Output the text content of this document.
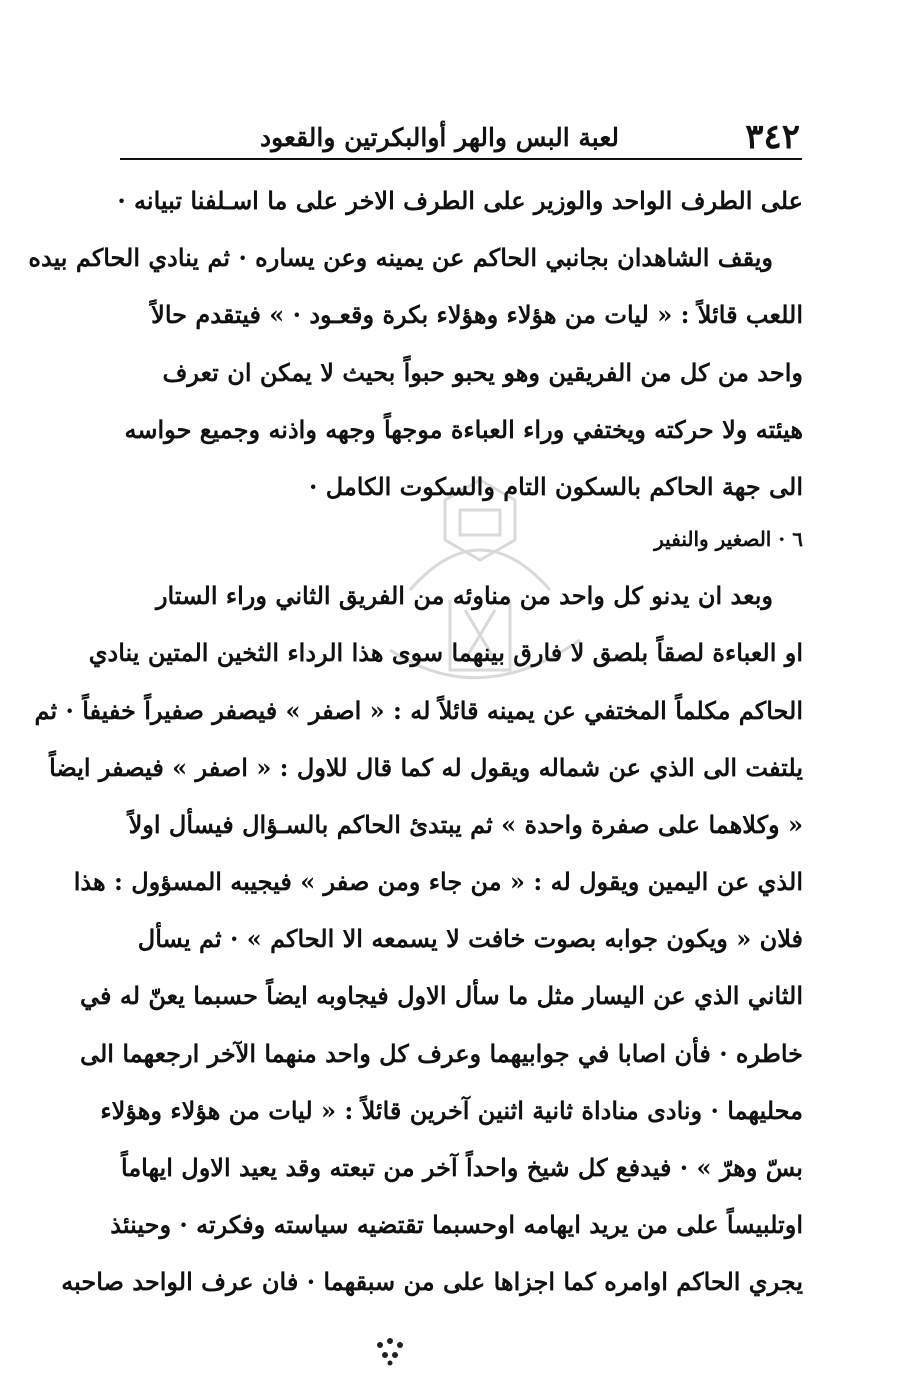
٣٤٢
لعبة البس والهر أوالبكرتين والقعود
على الطرف الواحد والوزير على الطرف الاخر على ما اسـلفنا تبيانه ·
ويقف الشاهدان بجانبي الحاكم عن يمينه وعن يساره · ثم ينادي الحاكم بيده
اللعب قائلاً : « ليات من هؤلاء وهؤلاء بكرة وقعـود · » فيتقدم حالاً
واحد من كل من الفريقين وهو يحبو حبواً بحيث لا يمكن ان تعرف
هيئته ولا حركته ويختفي وراء العباءة موجهاً وجهه واذنه وجميع حواسه
الى جهة الحاكم بالسكون التام والسكوت الكامل ·
٦ · الصغير والنفير
وبعد ان يدنو كل واحد من مناوئه من الفريق الثاني وراء الستار
او العباءة لصقاً بلصق لا فارق بينهما سوى هذا الرداء الثخين المتين ينادي
الحاكم مكلماً المختفي عن يمينه قائلاً له : « اصفر » فيصفر صفيراً خفيفاً · ثم
يلتفت الى الذي عن شماله ويقول له كما قال للاول : « اصفر » فيصفر ايضاً
« وكلاهما على صفرة واحدة » ثم يبتدئ الحاكم بالسـؤال فيسأل اولاً
الذي عن اليمين ويقول له : « من جاء ومن صفر » فيجيبه المسؤول : هذا
فلان « ويكون جوابه بصوت خافت لا يسمعه الا الحاكم » · ثم يسأل
الثاني الذي عن اليسار مثل ما سأل الاول فيجاوبه ايضاً حسبما يعنّ له في
خاطره · فأن اصابا في جوابيهما وعرف كل واحد منهما الآخر ارجعهما الى
محليهما · ونادى مناداة ثانية اثنين آخرين قائلاً : « ليات من هؤلاء وهؤلاء
بسّ وهرّ » · فيدفع كل شيخ واحداً آخر من تبعته وقد يعيد الاول ايهاماً
اوتلبيساً على من يريد ايهامه اوحسبما تقتضيه سياسته وفكرته · وحينئذ
يجري الحاكم اوامره كما اجزاها على من سبقهما · فان عرف الواحد صاحبه
